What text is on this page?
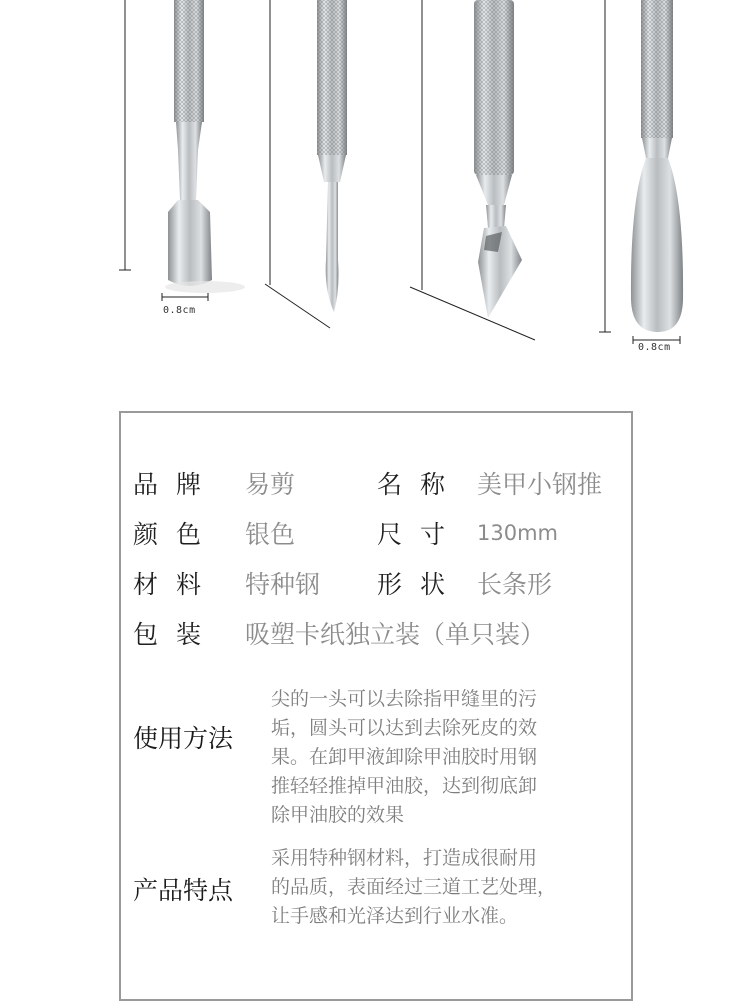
0.8cm
0.8cm
品 牌 易剪	名 称 美甲小钢推
颜 色 银色	尺 寸 130mm
材 料 特种钢 形 状 长条形
包 装 吸塑卡纸独立装（单只装）
使用方法
尖的一头可以去除指甲缝里的污
垢，圆头可以达到去除死皮的效
果。在卸甲液卸除甲油胶时用钢
推轻轻推掉甲油胶，达到彻底卸
除甲油胶的效果
产品特点
采用特种钢材料，打造成很耐用
的品质，表面经过三道工艺处理，
让手感和光泽达到行业水准。
